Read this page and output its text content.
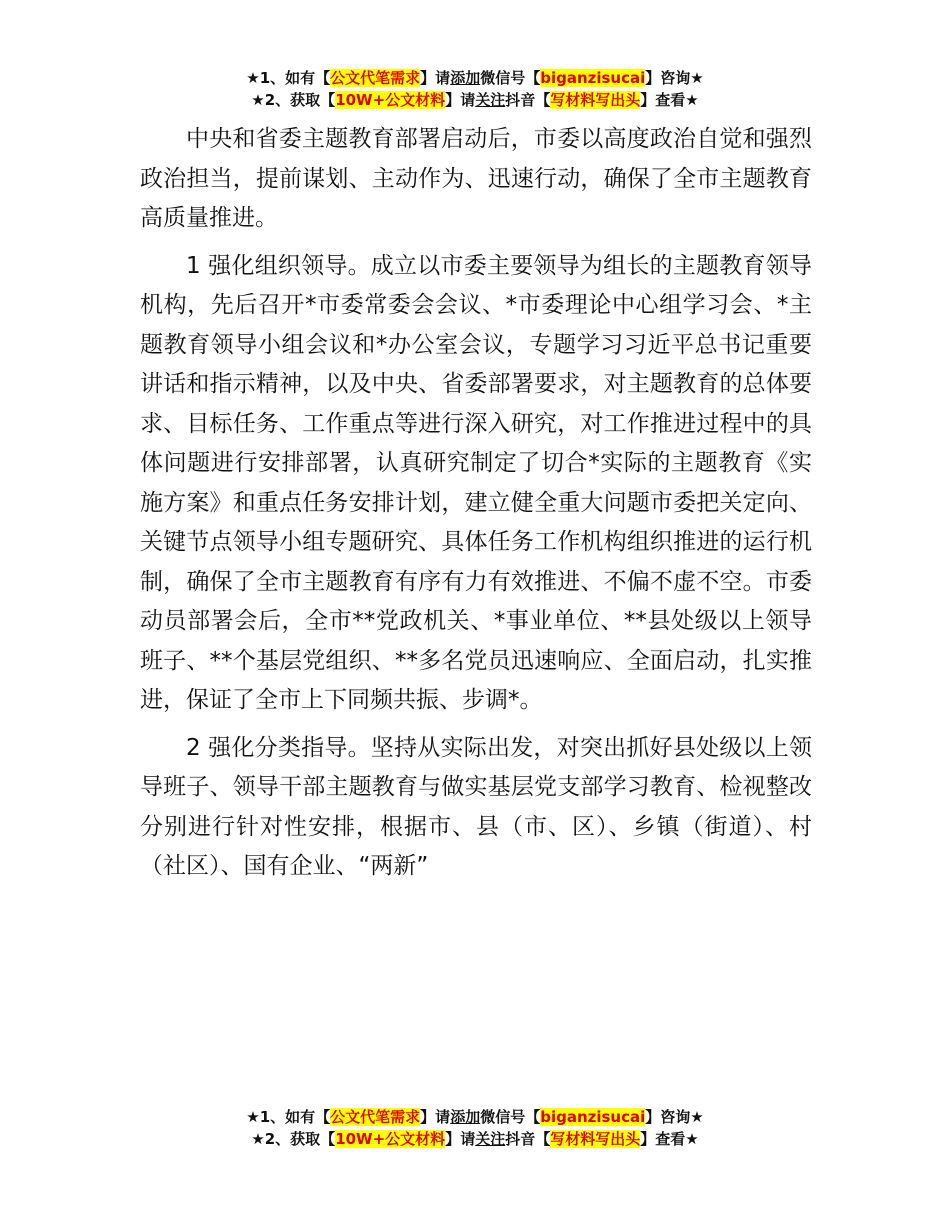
★1、如有【公文代笔需求】请添加微信号【biganzisucai】咨询★
★2、获取【10W+公文材料】请关注抖音【写材料写出头】查看★

中央和省委主题教育部署启动后，市委以高度政治自觉和强烈政治担当，提前谋划、主动作为、迅速行动，确保了全市主题教育高质量推进。

1 强化组织领导。成立以市委主要领导为组长的主题教育领导机构，先后召开*市委常委会会议、*市委理论中心组学习会、*主题教育领导小组会议和*办公室会议，专题学习习近平总书记重要讲话和指示精神，以及中央、省委部署要求，对主题教育的总体要求、目标任务、工作重点等进行深入研究，对工作推进过程中的具体问题进行安排部署，认真研究制定了切合*实际的主题教育《实施方案》和重点任务安排计划，建立健全重大问题市委把关定向、关键节点领导小组专题研究、具体任务工作机构组织推进的运行机制，确保了全市主题教育有序有力有效推进、不偏不虚不空。市委动员部署会后，全市**党政机关、*事业单位、**县处级以上领导班子、**个基层党组织、**多名党员迅速响应、全面启动，扎实推进，保证了全市上下同频共振、步调*。

2 强化分类指导。坚持从实际出发，对突出抓好县处级以上领导班子、领导干部主题教育与做实基层党支部学习教育、检视整改分别进行针对性安排，根据市、县（市、区）、乡镇（街道）、村（社区）、国有企业、“两新”

★1、如有【公文代笔需求】请添加微信号【biganzisucai】咨询★
★2、获取【10W+公文材料】请关注抖音【写材料写出头】查看★
